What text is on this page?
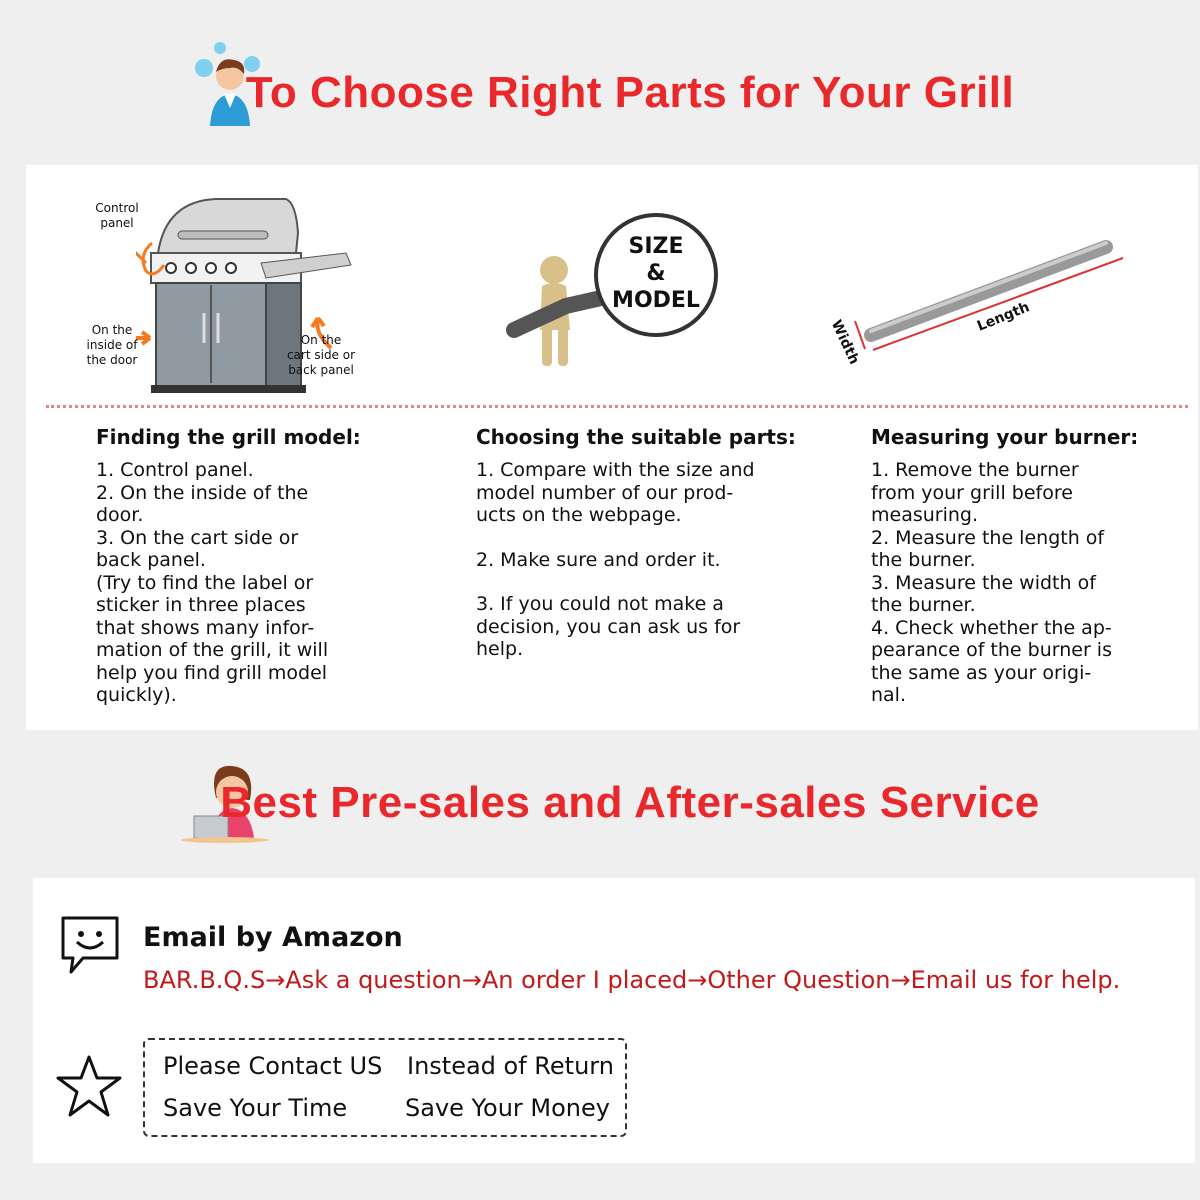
To Choose Right Parts for Your Grill
Control
panel
On the
inside of
the door
On the
cart side or
back panel
SIZE
&
MODEL
Width
Length
Finding the grill model:

1. Control panel.
2. On the inside of the
door.
3. On the cart side or
back panel.
(Try to find the label or
sticker in three places
that shows many infor-
mation of the grill, it will
help you find grill model
quickly).

Choosing the suitable parts:

1. Compare with the size and
model number of our prod-
ucts on the webpage.

2. Make sure and order it.

3. If you could not make a
decision, you can ask us for
help.

Measuring your burner:

1. Remove the burner
from your grill before
measuring.
2. Measure the length of
the burner.
3. Measure the width of
the burner.
4. Check whether the ap-
pearance of the burner is
the same as your origi-
nal.

Best Pre-sales and After-sales Service
Email by Amazon
BAR.B.Q.S→Ask a question→An order I placed→Other Question→Email us for help.
Please Contact US Instead of Return
Save Your Time Save Your Money
